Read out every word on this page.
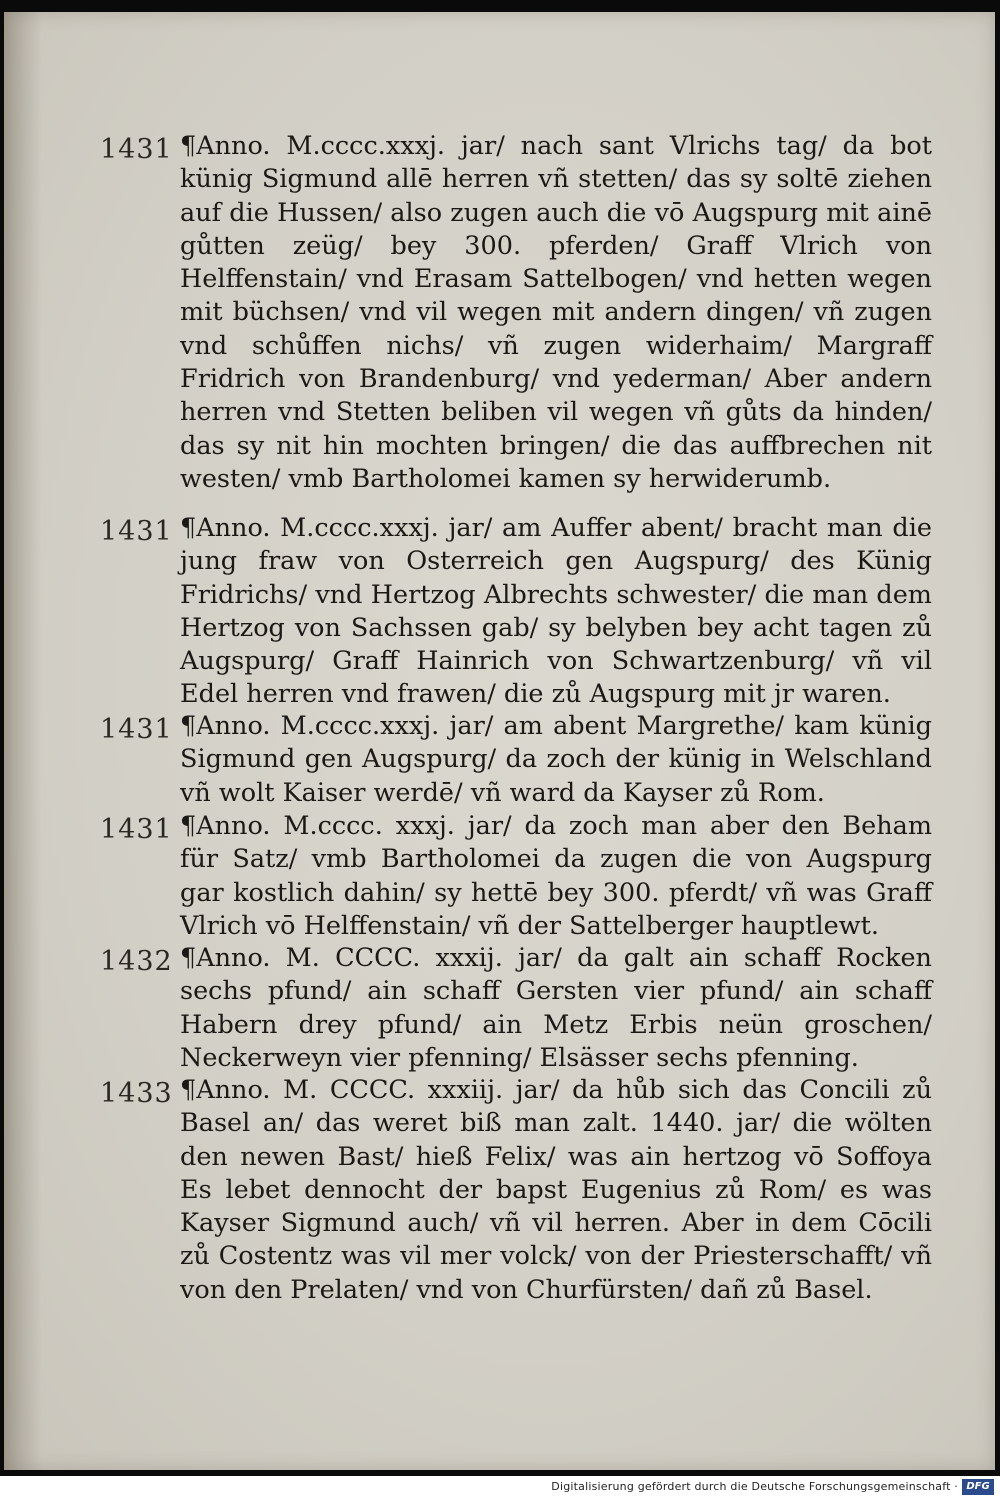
1431 ¶Anno. M.cccc.xxxj. jar/ nach sant Vlrichs tag/ da bot künig Sigmund allē herren vñ stetten/ das sy soltē ziehen auf die Hussen/ also zugen auch die vō Augspurg mit ainē gůtten zeüg/ bey 300. pferden/ Graff Vlrich von Helffenstain/ vnd Erasam Sattelbogen/ vnd hetten wegen mit büchsen/ vnd vil wegen mit andern dingen/ vñ zugen vnd schůffen nichs/ vñ zugen widerhaim/ Margraff Fridrich von Brandenburg/ vnd yederman/ Aber andern herren vnd Stetten beliben vil wegen vñ gůts da hinden/ das sy nit hin mochten bringen/ die das auffbrechen nit westen/ vmb Bartholomei kamen sy herwiderumb.
1431 ¶Anno. M.cccc.xxxj. jar/ am Auffer abent/ bracht man die jung fraw von Osterreich gen Augspurg/ des Künig Fridrichs/ vnd Hertzog Albrechts schwester/ die man dem Hertzog von Sachssen gab/ sy belyben bey acht tagen zů Augspurg/ Graff Hainrich von Schwartzenburg/ vñ vil Edel herren vnd frawen/ die zů Augspurg mit jr waren.
1431 ¶Anno. M.cccc.xxxj. jar/ am abent Margrethe/ kam künig Sigmund gen Augspurg/ da zoch der künig in Welschland vñ wolt Kaiser werdē/ vñ ward da Kayser zů Rom.
1431 ¶Anno. M.cccc. xxxj. jar/ da zoch man aber den Beham für Satz/ vmb Bartholomei da zugen die von Augspurg gar kostlich dahin/ sy hettē bey 300. pferdt/ vñ was Graff Vlrich vō Helffenstain/ vñ der Sattelberger hauptlewt.
1432 ¶Anno. M. CCCC. xxxij. jar/ da galt ain schaff Rocken sechs pfund/ ain schaff Gersten vier pfund/ ain schaff Habern drey pfund/ ain Metz Erbis neün groschen/ Neckerweyn vier pfenning/ Elsässer sechs pfenning.
1433 ¶Anno. M. CCCC. xxxiij. jar/ da hůb sich das Concili zů Basel an/ das weret biß man zalt. 1440. jar/ die wölten den newen Bast/ hieß Felix/ was ain hertzog vō Soffoya Es lebet dennocht der bapst Eugenius zů Rom/ es was Kayser Sigmund auch/ vñ vil herren. Aber in dem Cōcili zů Costentz was vil mer volck/ von der Priesterschafft/ vñ von den Prelaten/ vnd von Churfürsten/ dañ zů Basel.
Digitalisierung gefördert durch die Deutsche Forschungsgemeinschaft · DFG
